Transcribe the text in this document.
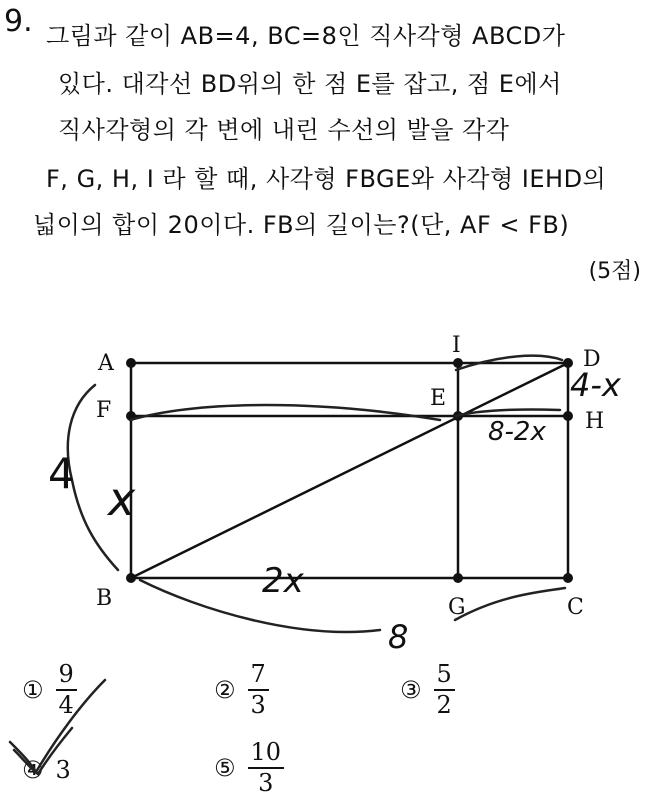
9. 그림과 같이 AB=4, BC=8인 직사각형 ABCD가
있다. 대각선 BD위의 한 점 E를 잡고, 점 E에서
직사각형의 각 변에 내린 수선의 발을 각각
F, G, H, I 라 할 때, 사각형 FBGE와 사각형 IEHD의
넓이의 합이 20이다. FB의 길이는?(단, AF < FB)
(5점)
A	D
F	H
I
E
B	G	C
4 x
2x
8
8-2x
4-x
① $\frac{9}{4}$	② $\frac{7}{3}$	③ $\frac{5}{2}$
④ 3	⑤ $\frac{10}{3}$
